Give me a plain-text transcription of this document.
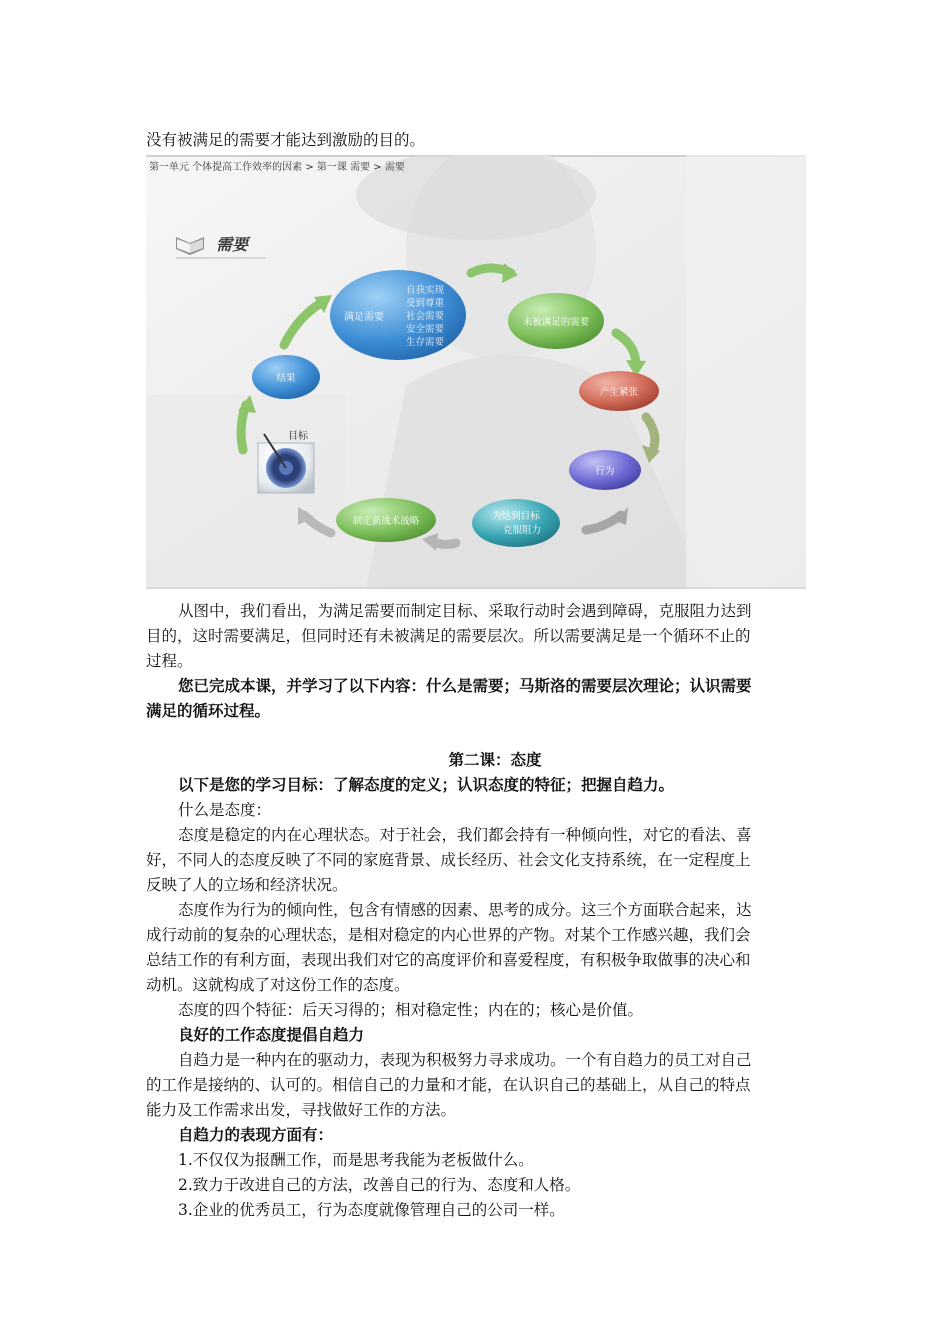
没有被满足的需要才能达到激励的目的。
第一单元 个体提高工作效率的因素 > 第一课 需要 > 需要
需要
满足需要
自我实现
受到尊重
社会需要
安全需要
生存需要
未被满足的需要
产生紧张
行为
为达到目标
克服阻力
制定新战术战略
目标
结果
从图中，我们看出，为满足需要而制定目标、采取行动时会遇到障碍，克服阻力达到
目的，这时需要满足，但同时还有未被满足的需要层次。所以需要满足是一个循环不止的
过程。
您已完成本课，并学习了以下内容：什么是需要；马斯洛的需要层次理论；认识需要
满足的循环过程。
第二课：态度
以下是您的学习目标：了解态度的定义；认识态度的特征；把握自趋力。
什么是态度：
态度是稳定的内在心理状态。对于社会，我们都会持有一种倾向性，对它的看法、喜
好，不同人的态度反映了不同的家庭背景、成长经历、社会文化支持系统，在一定程度上
反映了人的立场和经济状况。
态度作为行为的倾向性，包含有情感的因素、思考的成分。这三个方面联合起来，达
成行动前的复杂的心理状态，是相对稳定的内心世界的产物。对某个工作感兴趣，我们会
总结工作的有利方面，表现出我们对它的高度评价和喜爱程度，有积极争取做事的决心和
动机。这就构成了对这份工作的态度。
态度的四个特征：后天习得的；相对稳定性；内在的；核心是价值。
良好的工作态度提倡自趋力
自趋力是一种内在的驱动力，表现为积极努力寻求成功。一个有自趋力的员工对自己
的工作是接纳的、认可的。相信自己的力量和才能，在认识自己的基础上，从自己的特点
能力及工作需求出发，寻找做好工作的方法。
自趋力的表现方面有：
1.不仅仅为报酬工作，而是思考我能为老板做什么。
2.致力于改进自己的方法，改善自己的行为、态度和人格。
3.企业的优秀员工，行为态度就像管理自己的公司一样。
